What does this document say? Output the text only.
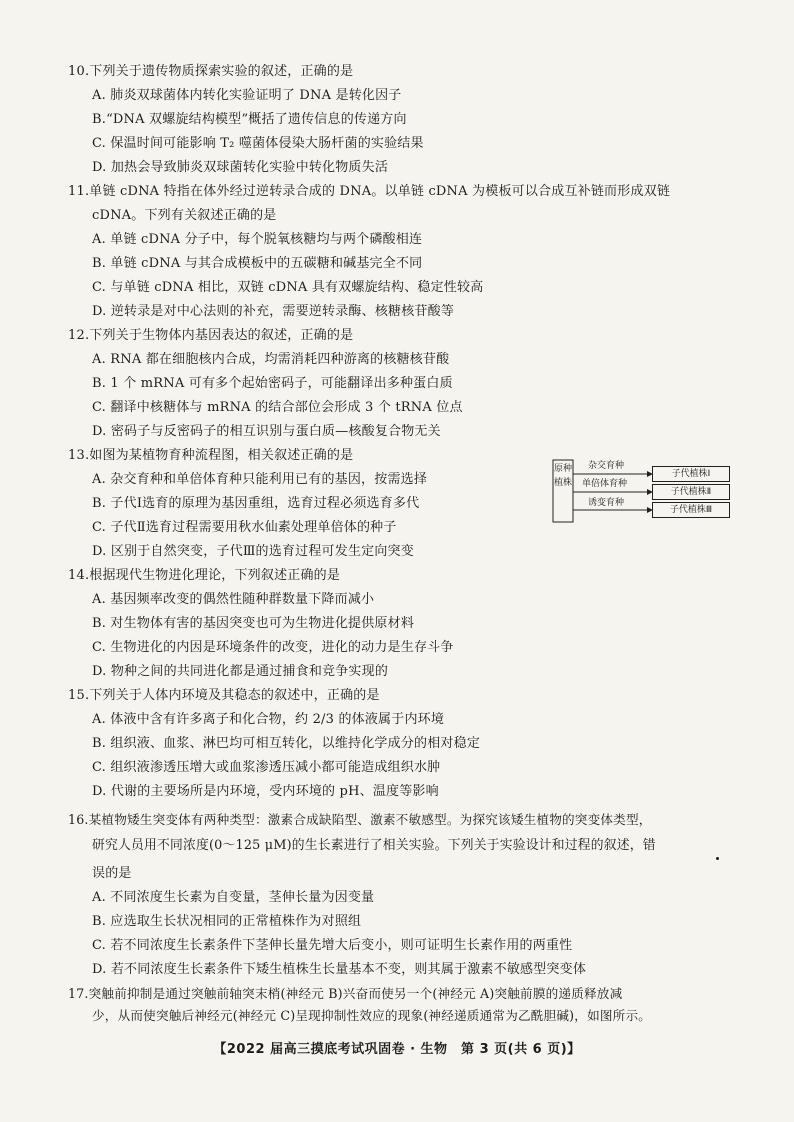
10.下列关于遗传物质探索实验的叙述，正确的是
A. 肺炎双球菌体内转化实验证明了 DNA 是转化因子
B.“DNA 双螺旋结构模型”概括了遗传信息的传递方向
C. 保温时间可能影响 T₂ 噬菌体侵染大肠杆菌的实验结果
D. 加热会导致肺炎双球菌转化实验中转化物质失活
11.单链 cDNA 特指在体外经过逆转录合成的 DNA。以单链 cDNA 为模板可以合成互补链而形成双链
cDNA。下列有关叙述正确的是
A. 单链 cDNA 分子中，每个脱氧核糖均与两个磷酸相连
B. 单链 cDNA 与其合成模板中的五碳糖和碱基完全不同
C. 与单链 cDNA 相比，双链 cDNA 具有双螺旋结构、稳定性较高
D. 逆转录是对中心法则的补充，需要逆转录酶、核糖核苷酸等
12.下列关于生物体内基因表达的叙述，正确的是
A. RNA 都在细胞核内合成，均需消耗四种游离的核糖核苷酸
B. 1 个 mRNA 可有多个起始密码子，可能翻译出多种蛋白质
C. 翻译中核糖体与 mRNA 的结合部位会形成 3 个 tRNA 位点
D. 密码子与反密码子的相互识别与蛋白质—核酸复合物无关
13.如图为某植物育种流程图，相关叙述正确的是
A. 杂交育种和单倍体育种只能利用已有的基因，按需选择
B. 子代Ⅰ选育的原理为基因重组，选育过程必须选育多代
C. 子代Ⅱ选育过程需要用秋水仙素处理单倍体的种子
D. 区别于自然突变，子代Ⅲ的选育过程可发生定向突变
原种植株
杂交育种
单倍体育种
诱变育种
子代植株Ⅰ
子代植株Ⅱ
子代植株Ⅲ
14.根据现代生物进化理论，下列叙述正确的是
A. 基因频率改变的偶然性随种群数量下降而减小
B. 对生物体有害的基因突变也可为生物进化提供原材料
C. 生物进化的内因是环境条件的改变，进化的动力是生存斗争
D. 物种之间的共同进化都是通过捕食和竞争实现的
15.下列关于人体内环境及其稳态的叙述中，正确的是
A. 体液中含有许多离子和化合物，约 2/3 的体液属于内环境
B. 组织液、血浆、淋巴均可相互转化，以维持化学成分的相对稳定
C. 组织液渗透压增大或血浆渗透压减小都可能造成组织水肿
D. 代谢的主要场所是内环境，受内环境的 pH、温度等影响
16.某植物矮生突变体有两种类型：激素合成缺陷型、激素不敏感型。为探究该矮生植物的突变体类型，
研究人员用不同浓度(0～125 μM)的生长素进行了相关实验。下列关于实验设计和过程的叙述，错
误的是
A. 不同浓度生长素为自变量，茎伸长量为因变量
B. 应选取生长状况相同的正常植株作为对照组
C. 若不同浓度生长素条件下茎伸长量先增大后变小，则可证明生长素作用的两重性
D. 若不同浓度生长素条件下矮生植株生长量基本不变，则其属于激素不敏感型突变体
17.突触前抑制是通过突触前轴突末梢(神经元 B)兴奋而使另一个(神经元 A)突触前膜的递质释放减
少，从而使突触后神经元(神经元 C)呈现抑制性效应的现象(神经递质通常为乙酰胆碱)，如图所示。
【2022 届高三摸底考试巩固卷 · 生物　第 3 页(共 6 页)】
